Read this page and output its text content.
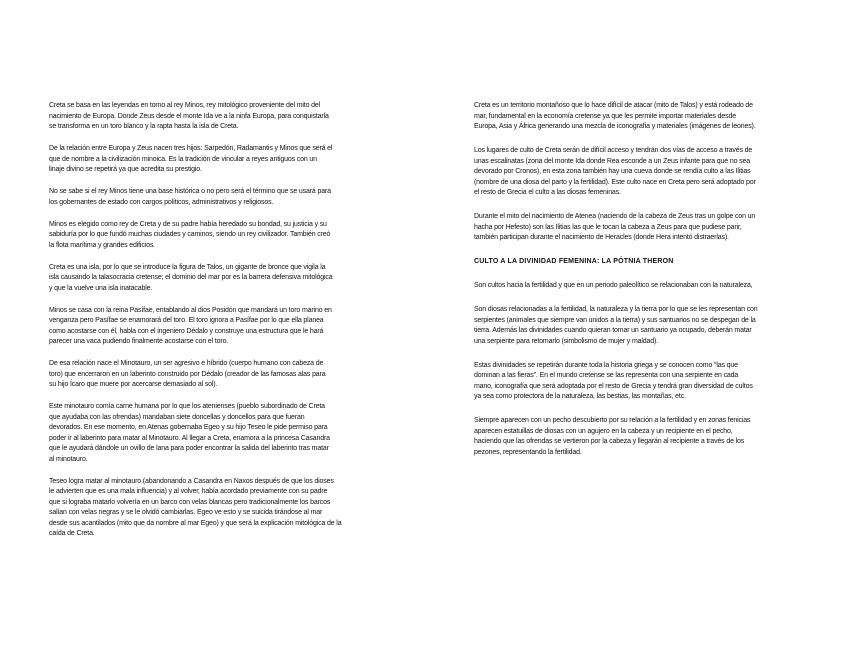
Creta se basa en las leyendas en torno al rey Minos, rey mitológico proveniente del mito del
nacimiento de Europa. Donde Zeus desde el monte Ida ve a la ninfa Europa, para conquistarla
se transforma en un toro blanco y la rapta hasta la isla de Creta.

De la relación entre Europa y Zeus nacen tres hijos: Sarpedón, Radamantis y Minos que será el
que de nombre a la civilización minoica. Es la tradición de vincular a reyes antiguos con un
linaje divino se repetirá ya que acredita su prestigio.

No se sabe si el rey Minos tiene una base histórica o no pero será el término que se usará para
los gobernantes de estado con cargos políticos, administrativos y religiosos.

Minos es elegido como rey de Creta y de su padre había heredado su bondad, su justicia y su
sabiduría por lo que fundó muchas ciudades y caminos, siendo un rey civilizador. También creó
la flota marítima y grandes edificios.

Creta es una isla, por lo que se introduce la figura de Talos, un gigante de bronce que vigila la
isla causando la talasocracia cretense; el dominio del mar por es la barrera defensiva mitológica
y que la vuelve una isla inatacable.

Minos se casa con la reina Pasífae, entablando al dios Posidón que mandará un toro marino en
venganza pero Pasífae se enamorará del toro. El toro ignora a Pasífae por lo que ella planea
como acostarse con él, habla con el ingeniero Dédalo y construye una estructura que le hará
parecer una vaca pudiendo finalmente acostarse con el toro.

De esa relación nace el Minotauro, un ser agresivo e híbrido (cuerpo humano con cabeza de
toro) que encerraron en un laberinto construido por Dédalo (creador de las famosas alas para
su hijo Ícaro que muere por acercarse demasiado al sol).

Este minotauro comía carne humana por lo que los atenienses (pueblo subordinado de Creta
que ayudaba con las ofrendas) mandaban siete doncellas y doncellos para que fueran
devorados. En ese momento, en Atenas gobernaba Egeo y su hijo Teseo le pide permiso para
poder ir al laberinto para matar al Minotauro. Al llegar a Creta, enamora a la princesa Casandra
que le ayudará dándole un ovillo de lana para poder encontrar la salida del laberinto tras matar
al minotauro.

Teseo logra matar al minotauro (abandonando a Casandra en Naxos después de que los dioses
le advierten que es una mala influencia) y al volver, había acordado previamente con su padre
que si lograba matarlo volvería en un barco con velas blancas pero tradicionalmente los barcos
salían con velas negras y se le olvidó cambiarlas. Egeo ve esto y se suicida tirándose al mar
desde sus acantilados (mito que da nombre al mar Egeo) y que será la explicación mitológica de la
caída de Creta.

Creta es un territorio montañoso que lo hace difícil de atacar (mito de Talos) y está rodeado de
mar, fundamental en la economía cretense ya que les permite importar materiales desde
Europa, Asia y África generando una mezcla de iconografía y materiales (imágenes de leones).

Los lugares de culto de Creta serán de difícil acceso y tendrán dos vías de acceso a través de
unas escalinatas (zona del monte Ida donde Rea esconde a un Zeus infante para que no sea
devorado por Cronos), en esta zona también hay una cueva donde se rendía culto a las Ilitias
(nombre de una diosa del parto y la fertilidad). Este culto nace en Creta pero será adoptado por
el resto de Grecia el culto a las diosas femeninas.

Durante el mito del nacimiento de Atenea (naciendo de la cabeza de Zeus tras un golpe con un
hacha por Hefesto) son las Ilitias las que le tocan la cabeza a Zeus para que pudiese parir,
también participan durante el nacimiento de Heracles (donde Hera intentó distraerlas).

CULTO A LA DIVINIDAD FEMENINA: LA PÓTNIA THERON

Son cultos hacia la fertilidad y que en un periodo paleolítico se relacionaban con la naturaleza,

Son diosas relacionadas a la fertilidad, la naturaleza y la tierra por lo que se les representan con
serpientes (animales que siempre van unidos a la tierra) y sus santuarios no se despegan de la
tierra. Además las divinidades cuando quieran tomar un santuario ya ocupado, deberán matar
una serpiente para retomarlo (simbolismo de mujer y maldad).

Estas divinidades se repetirán durante toda la historia griega y se conocen como "las que
dominan a las fieras". En el mundo cretense se las representa con una serpiente en cada
mano, iconografía que será adoptada por el resto de Grecia y tendrá gran diversidad de cultos
ya sea como protectora de la naturaleza, las bestias, las montañas, etc.

Siempre aparecen con un pecho descubierto por su relación a la fertilidad y en zonas fenicias
aparecen estatuillas de diosas con un agujero en la cabeza y un recipiente en el pecho,
haciendo que las ofrendas se vertieron por la cabeza y llegarán al recipiente a través de los
pezones, representando la fertilidad.
